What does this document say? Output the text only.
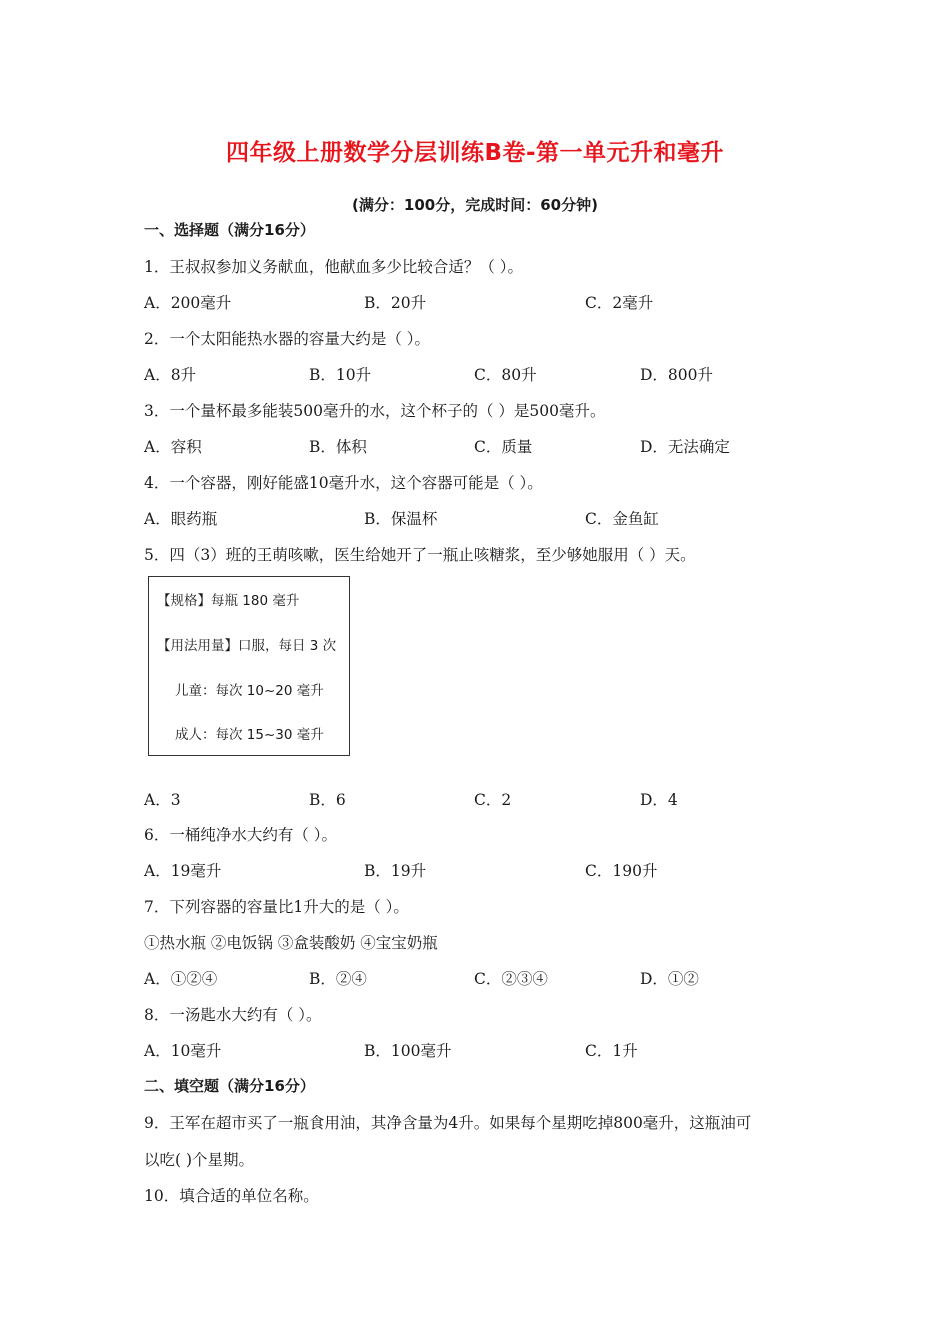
四年级上册数学分层训练B卷-第一单元升和毫升
(满分：100分，完成时间：60分钟)
一、选择题（满分16分）
1．王叔叔参加义务献血，他献血多少比较合适？（ ）。
A．200毫升	B．20升	C．2毫升
2．一个太阳能热水器的容量大约是（ ）。
A．8升	B．10升	C．80升	D．800升
3．一个量杯最多能装500毫升的水，这个杯子的（ ）是500毫升。
A．容积	B．体积	C．质量	D．无法确定
4．一个容器，刚好能盛10毫升水，这个容器可能是（ ）。
A．眼药瓶	B．保温杯	C．金鱼缸
5．四（3）班的王萌咳嗽，医生给她开了一瓶止咳糖浆，至少够她服用（ ）天。
【规格】每瓶 180 毫升
【用法用量】口服，每日 3 次
儿童：每次 10~20 毫升
成人：每次 15~30 毫升
A．3	B．6	C．2	D．4
6．一桶纯净水大约有（ ）。
A．19毫升	B．19升	C．190升
7．下列容器的容量比1升大的是（ ）。
①热水瓶 ②电饭锅 ③盒装酸奶 ④宝宝奶瓶
A．①②④	B．②④	C．②③④	D．①②
8．一汤匙水大约有（ ）。
A．10毫升	B．100毫升	C．1升
二、填空题（满分16分）
9．王军在超市买了一瓶食用油，其净含量为4升。如果每个星期吃掉800毫升，这瓶油可
以吃( )个星期。
10．填合适的单位名称。
